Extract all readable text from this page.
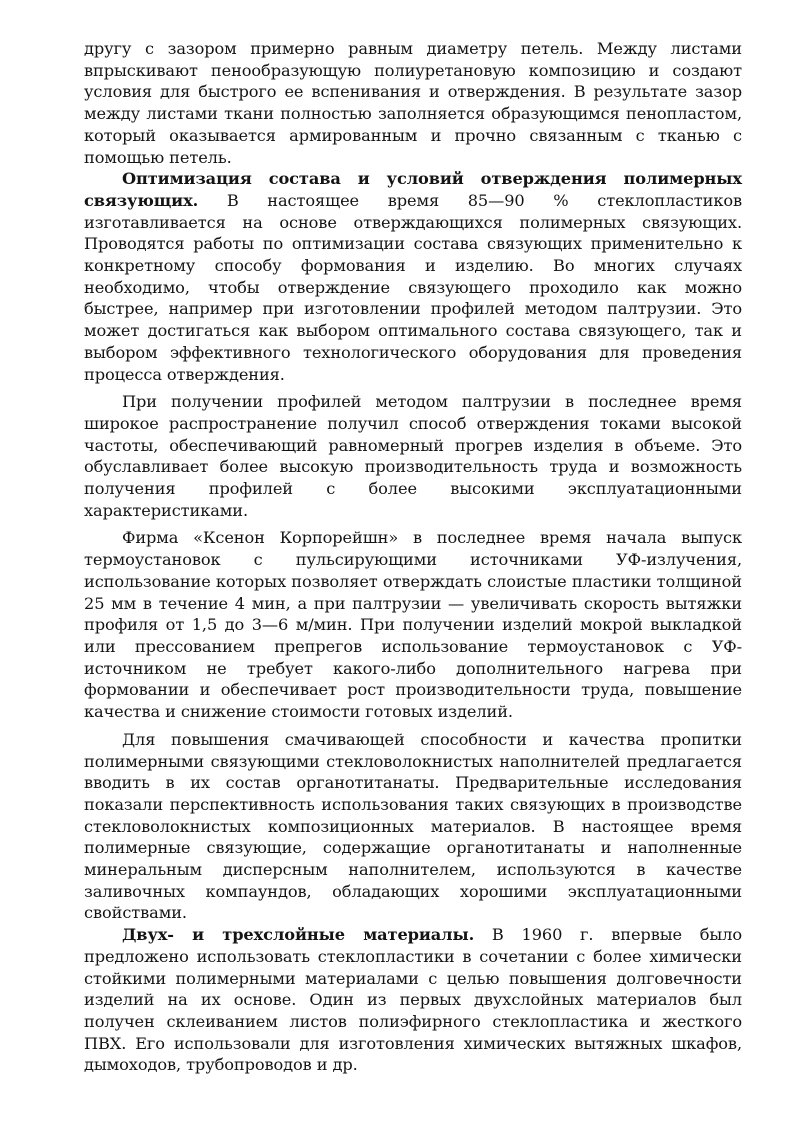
другу с зазором примерно равным диаметру петель. Между листами впрыскивают пенообразующую полиуретановую композицию и создают условия для быстрого ее вспенивания и отверждения. В результате зазор между листами ткани полностью заполняется образующимся пенопластом, который оказывается армированным и прочно связанным с тканью с помощью петель.

Оптимизация состава и условий отверждения полимерных связующих. В настоящее время 85—90 % стеклопластиков изготавливается на основе отверждающихся полимерных связующих. Проводятся работы по оптимизации состава связующих применительно к конкретному способу формования и изделию. Во многих случаях необходимо, чтобы отверждение связующего проходило как можно быстрее, например при изготовлении профилей методом палтрузии. Это может достигаться как выбором оптимального состава связующего, так и выбором эффективного технологического оборудования для проведения процесса отверждения.

При получении профилей методом палтрузии в последнее время широкое распространение получил способ отверждения токами высокой частоты, обеспечивающий равномерный прогрев изделия в объеме. Это обуславливает более высокую производительность труда и возможность получения профилей с более высокими эксплуатационными характеристиками.

Фирма «Ксенон Корпорейшн» в последнее время начала выпуск термоустановок с пульсирующими источниками УФ-излучения, использование которых позволяет отверждать слоистые пластики толщиной 25 мм в течение 4 мин, а при палтрузии — увеличивать скорость вытяжки профиля от 1,5 до 3—6 м/мин. При получении изделий мокрой выкладкой или прессованием препрегов использование термоустановок с УФ-источником не требует какого-либо дополнительного нагрева при формовании и обеспечивает рост производительности труда, повышение качества и снижение стоимости готовых изделий.

Для повышения смачивающей способности и качества пропитки полимерными связующими стекловолокнистых наполнителей предлагается вводить в их состав органотитанаты. Предварительные исследования показали перспективность использования таких связующих в производстве стекловолокнистых композиционных материалов. В настоящее время полимерные связующие, содержащие органотитанаты и наполненные минеральным дисперсным наполнителем, используются в качестве заливочных компаундов, обладающих хорошими эксплуатационными свойствами.

Двух- и трехслойные материалы. В 1960 г. впервые было предложено использовать стеклопластики в сочетании с более химически стойкими полимерными материалами с целью повышения долговечности изделий на их основе. Один из первых двухслойных материалов был получен склеиванием листов полиэфирного стеклопластика и жесткого ПВХ. Его использовали для изготовления химических вытяжных шкафов, дымоходов, трубопроводов и др.
